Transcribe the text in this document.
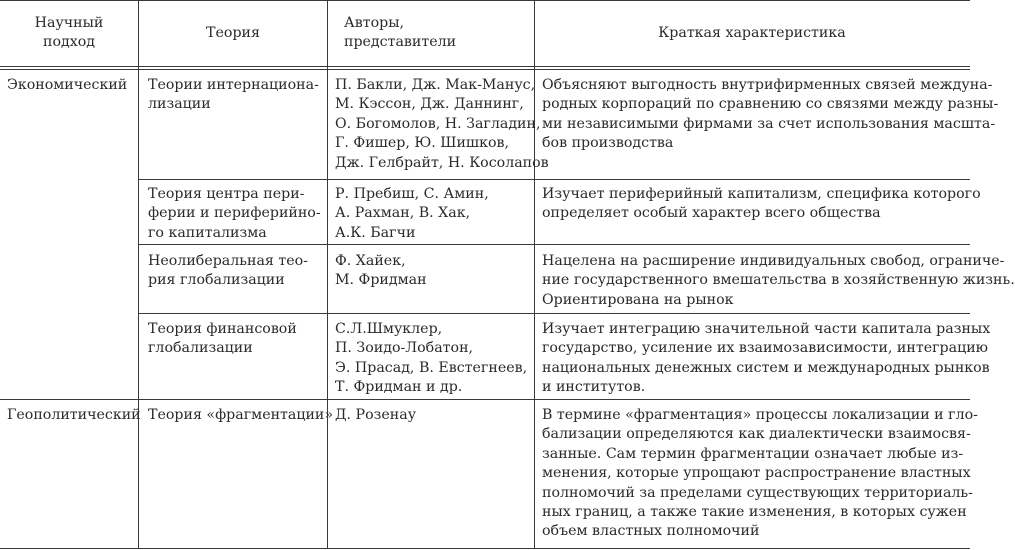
Научный
подход
Теория
Авторы,
представители
Краткая характеристика
Экономический
Геополитический
Теории интернациона-
лизации
П. Бакли, Дж. Мак-Манус,
М. Кэссон, Дж. Даннинг,
О. Богомолов, Н. Загладин,
Г. Фишер, Ю. Шишков,
Дж. Гелбрайт, Н. Косолапов
Объясняют выгодность внутрифирменных связей междуна-
родных корпораций по сравнению со связями между разны-
ми независимыми фирмами за счет использования масшта-
бов производства
Теория центра пери-
ферии и периферийно-
го капитализма
Р. Пребиш, С. Амин,
А. Рахман, В. Хак,
А.К. Багчи
Изучает периферийный капитализм, специфика которого
определяет особый характер всего общества
Неолиберальная тео-
рия глобализации
Ф. Хайек,
М. Фридман
Нацелена на расширение индивидуальных свобод, ограниче-
ние государственного вмешательства в хозяйственную жизнь.
Ориентирована на рынок
Теория финансовой
глобализации
С.Л.Шмуклер,
П. Зоидо-Лобатон,
Э. Прасад, В. Евстегнеев,
Т. Фридман и др.
Изучает интеграцию значительной части капитала разных
государство, усиление их взаимозависимости, интеграцию
национальных денежных систем и международных рынков
и институтов.
Теория «фрагментации» Д. Розенау	В термине «фрагментация» процессы локализации и гло-
бализации определяются как диалектически взаимосвя-
занные. Сам термин фрагментации означает любые из-
менения, которые упрощают распространение властных
полномочий за пределами существующих территориаль-
ных границ, а также такие изменения, в которых сужен
объем властных полномочий
